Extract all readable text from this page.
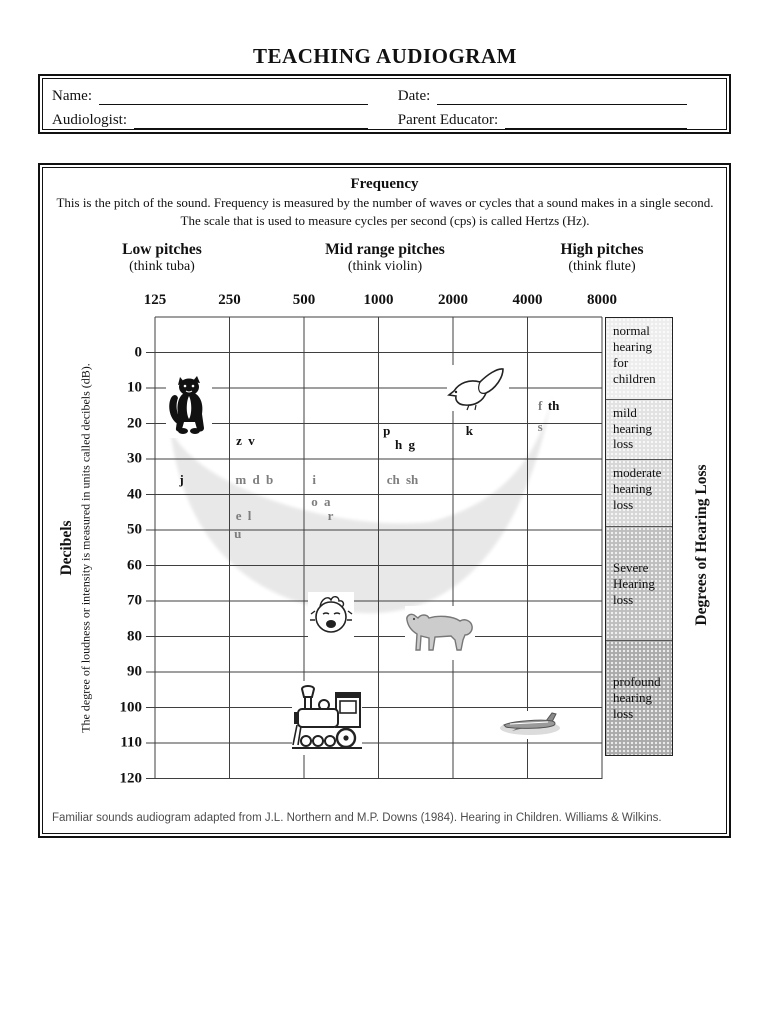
TEACHING AUDIOGRAM
Name:	Date:
Audiologist:	Parent Educator:
Frequency
This is the pitch of the sound. Frequency is measured by the number of waves or cycles that a sound makes in a single second. The scale that is used to measure cycles per second (cps) is called Hertzs (Hz).
Low pitches
(think tuba)
Mid range pitches
(think violin)
High pitches
(think flute)
125	250	500	1000	2000	4000	8000
0
10
20
30
40
50
60
70
80
90
100
110
120
z v
j	m d b
e l
u
i
o a
r
p
h g
ch sh
k
f th
s
normal hearing for children
mild hearing loss
moderate hearing loss
Severe Hearing loss
profound hearing loss
Decibels The degree of loudness or intensity is measured in units called decibels (dB).	Degrees of Hearing Loss
Familiar sounds audiogram adapted from J.L. Northern and M.P. Downs (1984). Hearing in Children. Williams & Wilkins.
